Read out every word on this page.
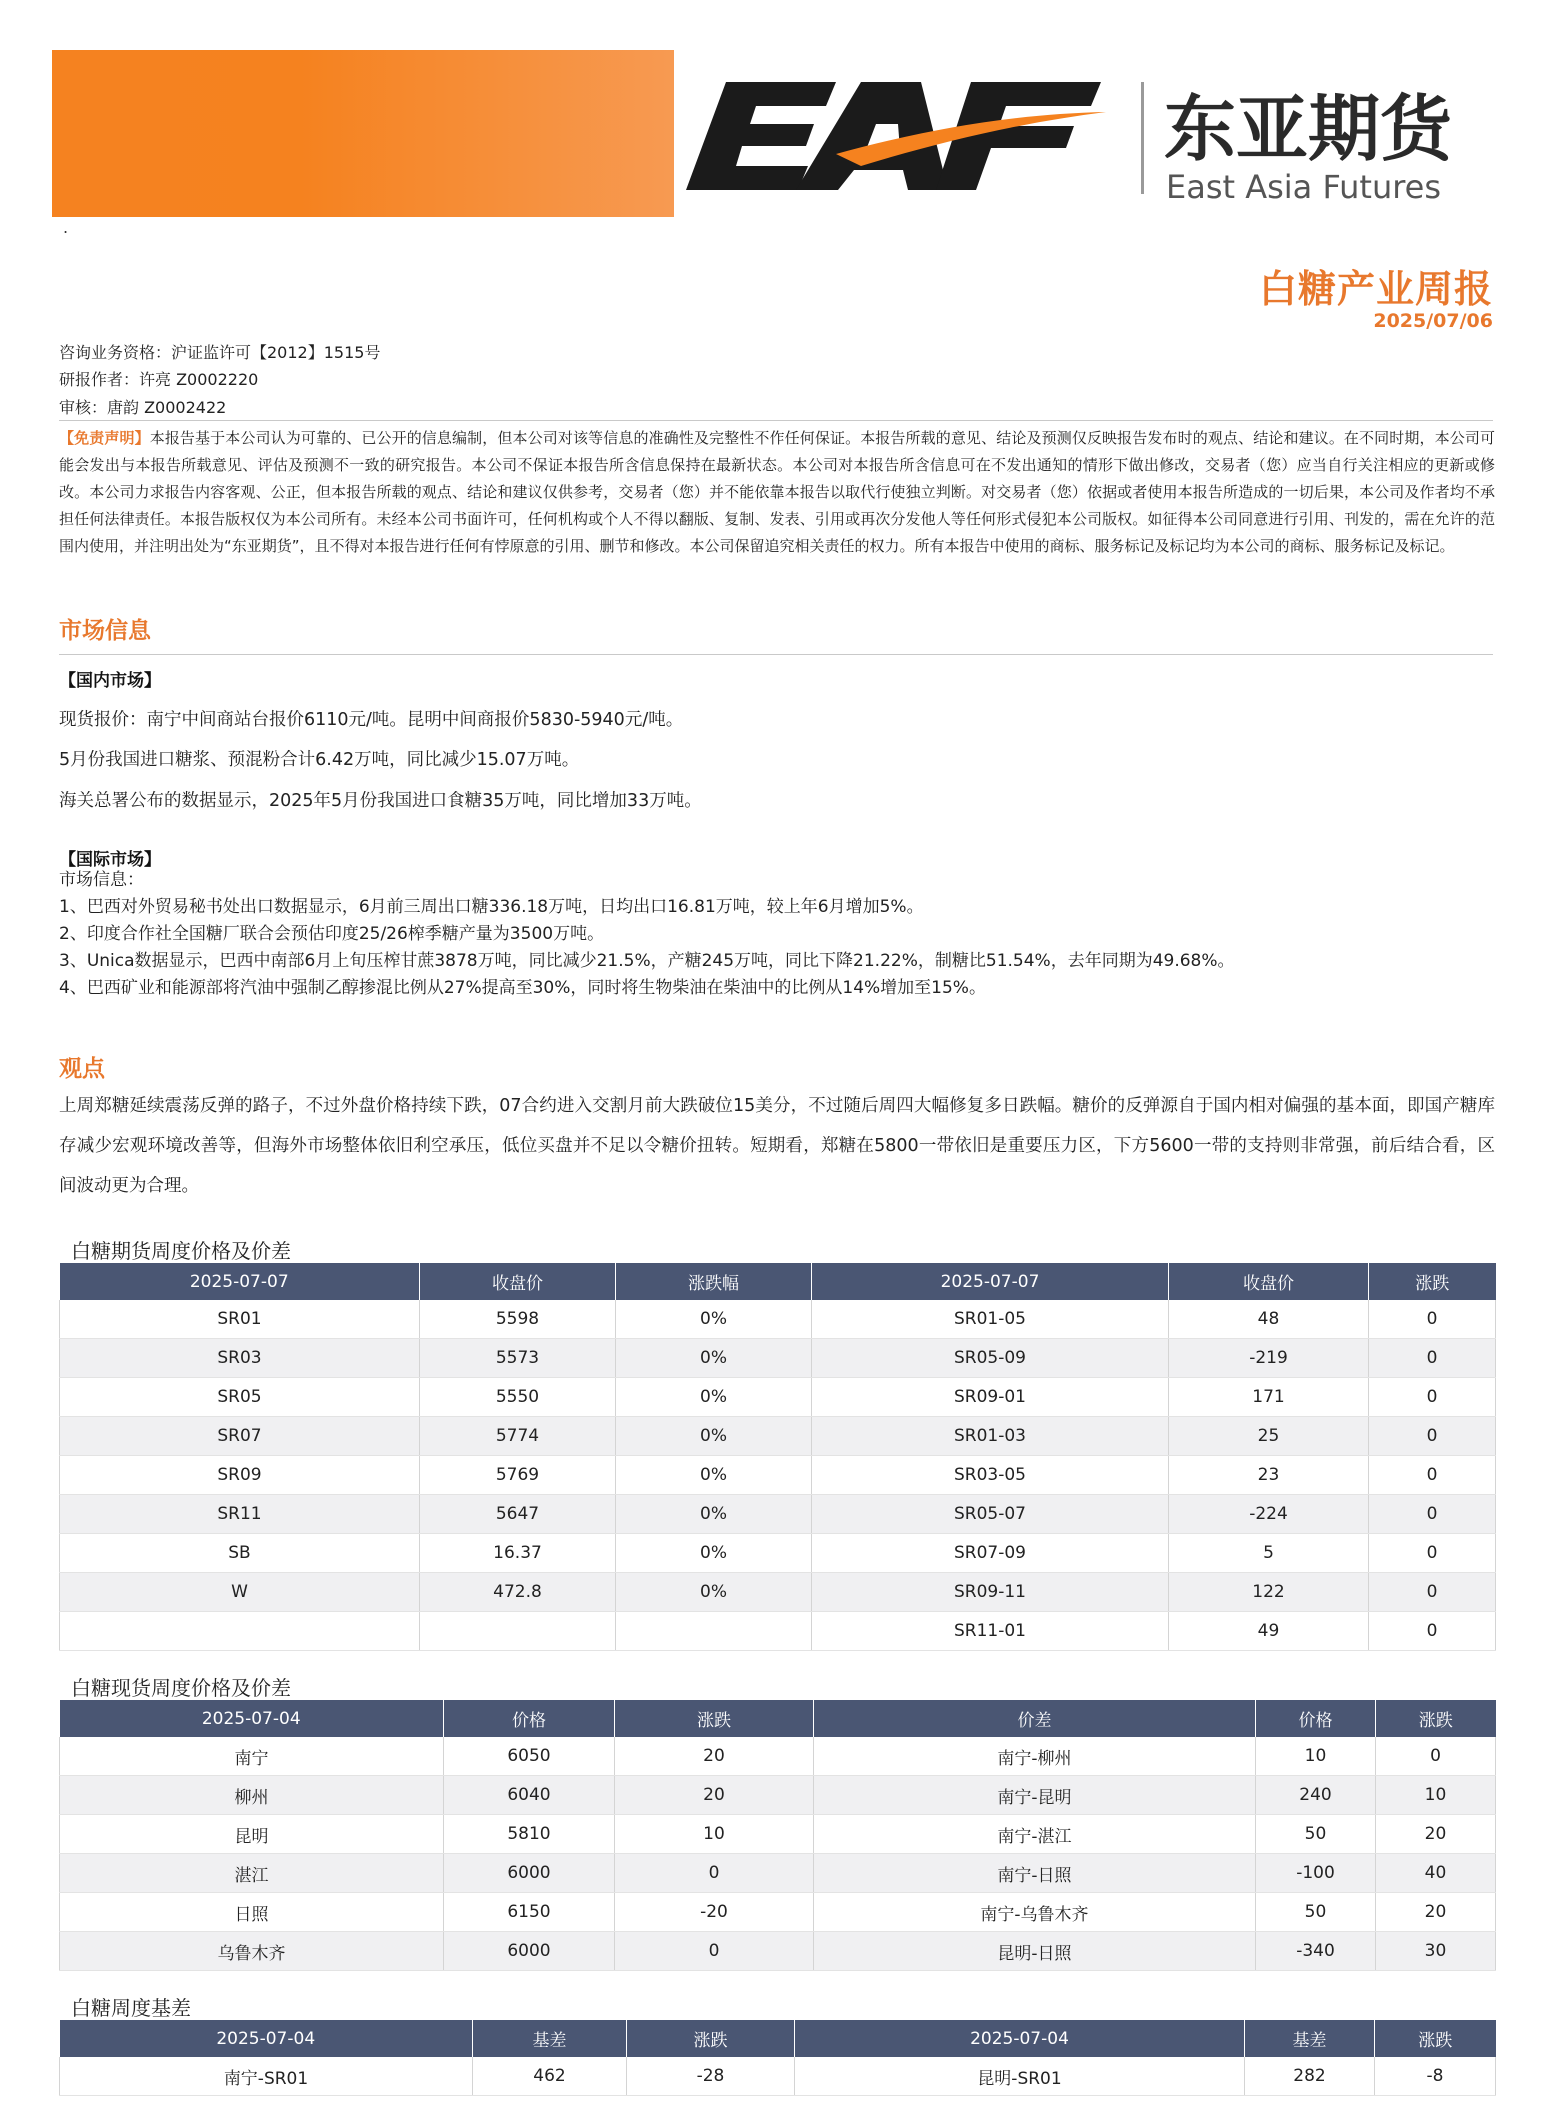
东亚期货
East Asia Futures
.
白糖产业周报
2025/07/06
咨询业务资格：沪证监许可【2012】1515号
研报作者：许亮 Z0002220
审核：唐韵 Z0002422
【免责声明】本报告基于本公司认为可靠的、已公开的信息编制，但本公司对该等信息的准确性及完整性不作任何保证。本报告所载的意见、结论及预测仅反映报告发布时的观点、结论和建议。在不同时期，本公司可能会发出与本报告所载意见、评估及预测不一致的研究报告。本公司不保证本报告所含信息保持在最新状态。本公司对本报告所含信息可在不发出通知的情形下做出修改，交易者（您）应当自行关注相应的更新或修改。本公司力求报告内容客观、公正，但本报告所载的观点、结论和建议仅供参考，交易者（您）并不能依靠本报告以取代行使独立判断。对交易者（您）依据或者使用本报告所造成的一切后果，本公司及作者均不承担任何法律责任。本报告版权仅为本公司所有。未经本公司书面许可，任何机构或个人不得以翻版、复制、发表、引用或再次分发他人等任何形式侵犯本公司版权。如征得本公司同意进行引用、刊发的，需在允许的范围内使用，并注明出处为“东亚期货”，且不得对本报告进行任何有悖原意的引用、删节和修改。本公司保留追究相关责任的权力。所有本报告中使用的商标、服务标记及标记均为本公司的商标、服务标记及标记。
市场信息
【国内市场】
现货报价：南宁中间商站台报价6110元/吨。昆明中间商报价5830-5940元/吨。
5月份我国进口糖浆、预混粉合计6.42万吨，同比减少15.07万吨。
海关总署公布的数据显示，2025年5月份我国进口食糖35万吨，同比增加33万吨。
【国际市场】
市场信息：
1、巴西对外贸易秘书处出口数据显示，6月前三周出口糖336.18万吨，日均出口16.81万吨，较上年6月增加5%。
2、印度合作社全国糖厂联合会预估印度25/26榨季糖产量为3500万吨。
3、Unica数据显示，巴西中南部6月上旬压榨甘蔗3878万吨，同比减少21.5%，产糖245万吨，同比下降21.22%，制糖比51.54%，去年同期为49.68%。
4、巴西矿业和能源部将汽油中强制乙醇掺混比例从27%提高至30%，同时将生物柴油在柴油中的比例从14%增加至15%。
观点
上周郑糖延续震荡反弹的路子，不过外盘价格持续下跌，07合约进入交割月前大跌破位15美分，不过随后周四大幅修复多日跌幅。糖价的反弹源自于国内相对偏强的基本面，即国产糖库存减少宏观环境改善等，但海外市场整体依旧利空承压，低位买盘并不足以令糖价扭转。短期看，郑糖在5800一带依旧是重要压力区，下方5600一带的支持则非常强，前后结合看，区间波动更为合理。
白糖期货周度价格及价差
2025-07-07	收盘价	涨跌幅	2025-07-07	收盘价	涨跌
SR01	5598	0%	SR01-05	48	0
SR03	5573	0%	SR05-09	-219	0
SR05	5550	0%	SR09-01	171	0
SR07	5774	0%	SR01-03	25	0
SR09	5769	0%	SR03-05	23	0
SR11	5647	0%	SR05-07	-224	0
SB	16.37	0%	SR07-09	5	0
W	472.8	0%	SR09-11	122	0
			SR11-01	49	0
白糖现货周度价格及价差
2025-07-04	价格	涨跌	价差	价格	涨跌
南宁	6050	20	南宁-柳州	10	0
柳州	6040	20	南宁-昆明	240	10
昆明	5810	10	南宁-湛江	50	20
湛江	6000	0	南宁-日照	-100	40
日照	6150	-20	南宁-乌鲁木齐	50	20
乌鲁木齐	6000	0	昆明-日照	-340	30
白糖周度基差
2025-07-04	基差	涨跌	2025-07-04	基差	涨跌
南宁-SR01	462	-28	昆明-SR01	282	-8
